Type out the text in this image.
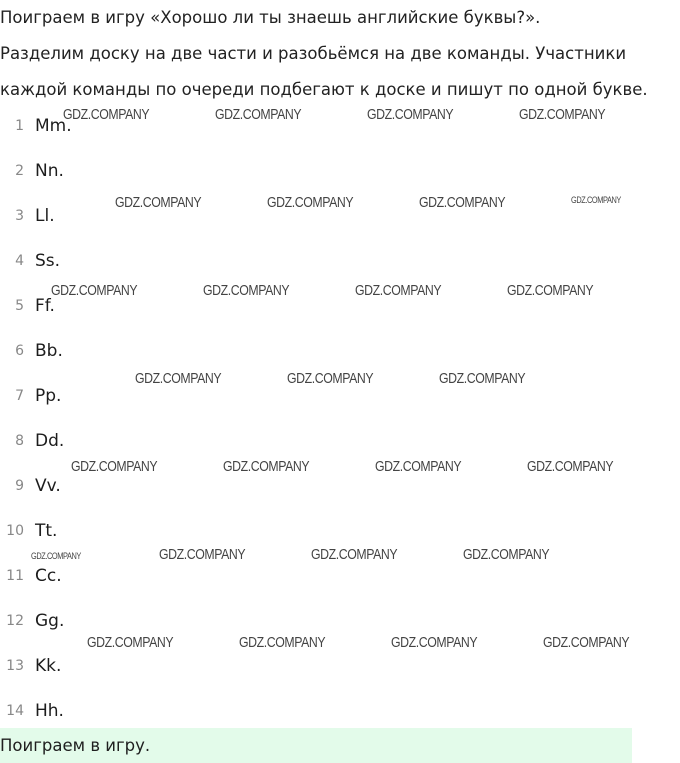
Поиграем в игру «Хорошо ли ты знаешь английские буквы?».

Разделим доску на две части и разобьёмся на две команды. Участники

каждой команды по очереди подбегают к доске и пишут по одной букве.

1 Mm.
2 Nn.
3 Ll.
4 Ss.
5 Ff.
6 Bb.
7 Pp.
8 Dd.
9 Vv.
10 Tt.
11 Cc.
12 Gg.
13 Kk.
14 Hh.
Поиграем в игру.
GDZ.COMPANY	GDZ.COMPANY	GDZ.COMPANY	GDZ.COMPANY
GDZ.COMPANY	GDZ.COMPANY	GDZ.COMPANY	GDZ.COMPANY
GDZ.COMPANY	GDZ.COMPANY	GDZ.COMPANY	GDZ.COMPANY
GDZ.COMPANY	GDZ.COMPANY	GDZ.COMPANY
GDZ.COMPANY	GDZ.COMPANY	GDZ.COMPANY	GDZ.COMPANY
GDZ.COMPANY	GDZ.COMPANY	GDZ.COMPANY	GDZ.COMPANY
GDZ.COMPANY	GDZ.COMPANY	GDZ.COMPANY	GDZ.COMPANY
